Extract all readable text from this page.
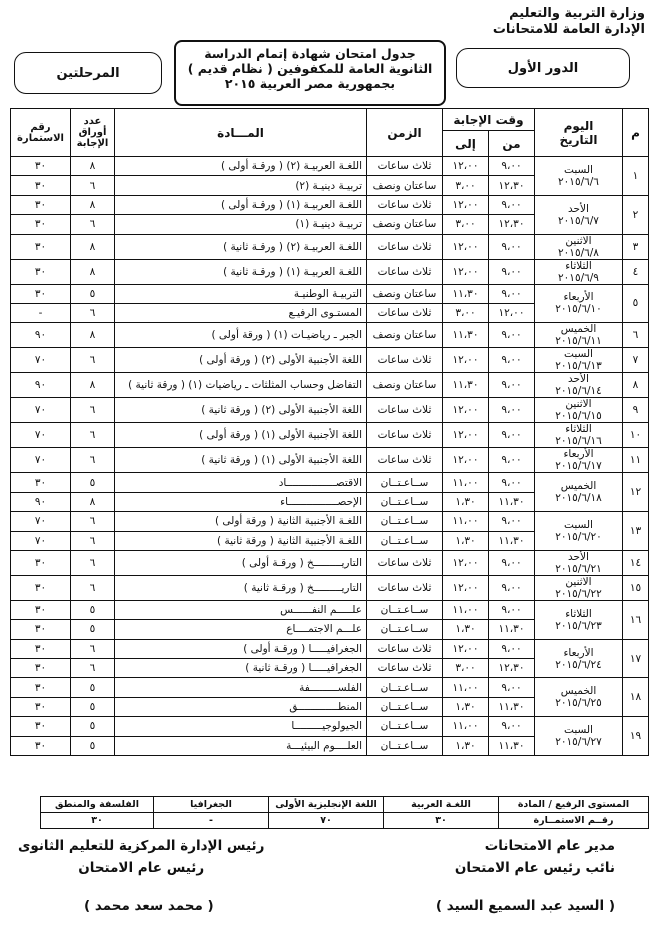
وزارة التربية والتعليم
الإدارة العامة للامتحانات
الدور الأول
جدول امتحان شهادة إتمام الدراسة
الثانوية العامة للمكفوفين ( نظام قديم )
بجمهورية مصر العربية ٢٠١٥
المرحلتين
م	اليوم
التاريخ	وقت الإجابة		الزمن	المـــادة	عدد أوراق الإجابة	رقم الاستمارة
		من	إلى				
١	السبت
٢٠١٥/٦/٦	٩،٠٠	١٢،٠٠	ثلاث ساعات	اللغـة العربيـة (٢) ( ورقـة أولى )	٨	٣٠
		١٢،٣٠	٣،٠٠	ساعتان ونصف	تربيـة دينيـة (٢)	٦	٣٠
٢	الأحد
٢٠١٥/٦/٧	٩،٠٠	١٢،٠٠	ثلاث ساعات	اللغـة العربيـة (١) ( ورقـة أولى )	٨	٣٠
		١٢،٣٠	٣،٠٠	ساعتان ونصف	تربيـة دينيـة (١)	٦	٣٠
٣	الاثنين
٢٠١٥/٦/٨	٩،٠٠	١٢،٠٠	ثلاث ساعات	اللغـة العربيـة (٢) ( ورقـة ثانية )	٨	٣٠
٤	الثلاثاء
٢٠١٥/٦/٩	٩،٠٠	١٢،٠٠	ثلاث ساعات	اللغـة العربيـة (١) ( ورقـة ثانية )	٨	٣٠
٥	الأربعاء
٢٠١٥/٦/١٠	٩،٠٠	١١،٣٠	ساعتان ونصف	التربيـة الوطنيـة	٥	٣٠
		١٢،٠٠	٣،٠٠	ثلاث ساعات	المستـوى الرفيـع	٦	-
٦	الخميس
٢٠١٥/٦/١١	٩،٠٠	١١،٣٠	ساعتان ونصف	الجبر ـ رياضيـات (١) ( ورقة أولى )	٨	٩٠
٧	السبت
٢٠١٥/٦/١٣	٩،٠٠	١٢،٠٠	ثلاث ساعات	اللغة الأجنبية الأولى (٢) ( ورقة أولى )	٦	٧٠
٨	الأحد
٢٠١٥/٦/١٤	٩،٠٠	١١،٣٠	ساعتان ونصف	التفاضل وحساب المثلثات ـ رياضيات (١) ( ورقة ثانية )	٨	٩٠
٩	الاثنين
٢٠١٥/٦/١٥	٩،٠٠	١٢،٠٠	ثلاث ساعات	اللغة الأجنبية الأولى (٢) ( ورقة ثانية )	٦	٧٠
١٠	الثلاثاء
٢٠١٥/٦/١٦	٩،٠٠	١٢،٠٠	ثلاث ساعات	اللغة الأجنبية الأولى (١) ( ورقة أولى )	٦	٧٠
١١	الأربعاء
٢٠١٥/٦/١٧	٩،٠٠	١٢،٠٠	ثلاث ساعات	اللغة الأجنبية الأولى (١) ( ورقة ثانية )	٦	٧٠
١٢	الخميس
٢٠١٥/٦/١٨	٩،٠٠	١١،٠٠	ســاعـتــان	الاقتصــــــــــــــــاد	٥	٣٠
		١١،٣٠	١،٣٠	ســاعـتــان	الإحصــــــــــــــــاء	٨	٩٠
١٣	السبت
٢٠١٥/٦/٢٠	٩،٠٠	١١،٠٠	ســاعـتــان	اللغـة الأجنبية الثانية ( ورقة أولى )	٦	٧٠
		١١،٣٠	١،٣٠	ســاعـتــان	اللغـة الأجنبية الثانية ( ورقة ثانية )	٦	٧٠
١٤	الأحد
٢٠١٥/٦/٢١	٩،٠٠	١٢،٠٠	ثلاث ساعات	التاريـــــــــخ ( ورقـة أولى )	٦	٣٠
١٥	الاثنين
٢٠١٥/٦/٢٢	٩،٠٠	١٢،٠٠	ثلاث ساعات	التاريـــــــــخ ( ورقـة ثانية )	٦	٣٠
١٦	الثلاثاء
٢٠١٥/٦/٢٣	٩،٠٠	١١،٠٠	ســاعـتــان	علـــــم النفــــــس	٥	٣٠
		١١،٣٠	١،٣٠	ســاعـتــان	علـــم الاجتمــــاع	٥	٣٠
١٧	الأربعاء
٢٠١٥/٦/٢٤	٩،٠٠	١٢،٠٠	ثلاث ساعات	الجغرافيـــــا ( ورقـة أولى )	٦	٣٠
		١٢،٣٠	٣،٠٠	ثلاث ساعات	الجغرافيـــــا ( ورقـة ثانية )	٦	٣٠
١٨	الخميس
٢٠١٥/٦/٢٥	٩،٠٠	١١،٠٠	ســاعـتــان	الفلســـــــــفة	٥	٣٠
		١١،٣٠	١،٣٠	ســاعـتــان	المنطـــــــــــــق	٥	٣٠
١٩	السبت
٢٠١٥/٦/٢٧	٩،٠٠	١١،٠٠	ســاعـتــان	الجيولوجيـــــــــا	٥	٣٠
		١١،٣٠	١،٣٠	ســاعـتــان	العلــــوم البيئيـــة	٥	٣٠
المستوى الرفيع / المادة	اللغـة العربية	اللغة الإنجليزية الأولى	الجغرافيا	الفلسفة والمنطق
رقــم الاستمــارة	٣٠	٧٠	-	٣٠
مدير عام الامتحانات
نائب رئيس عام الامتحان
( السيد عبد السميع السيد )
رئيس الإدارة المركزية للتعليم الثانوى
رئيس عام الامتحان
( محمد سعد محمد )
